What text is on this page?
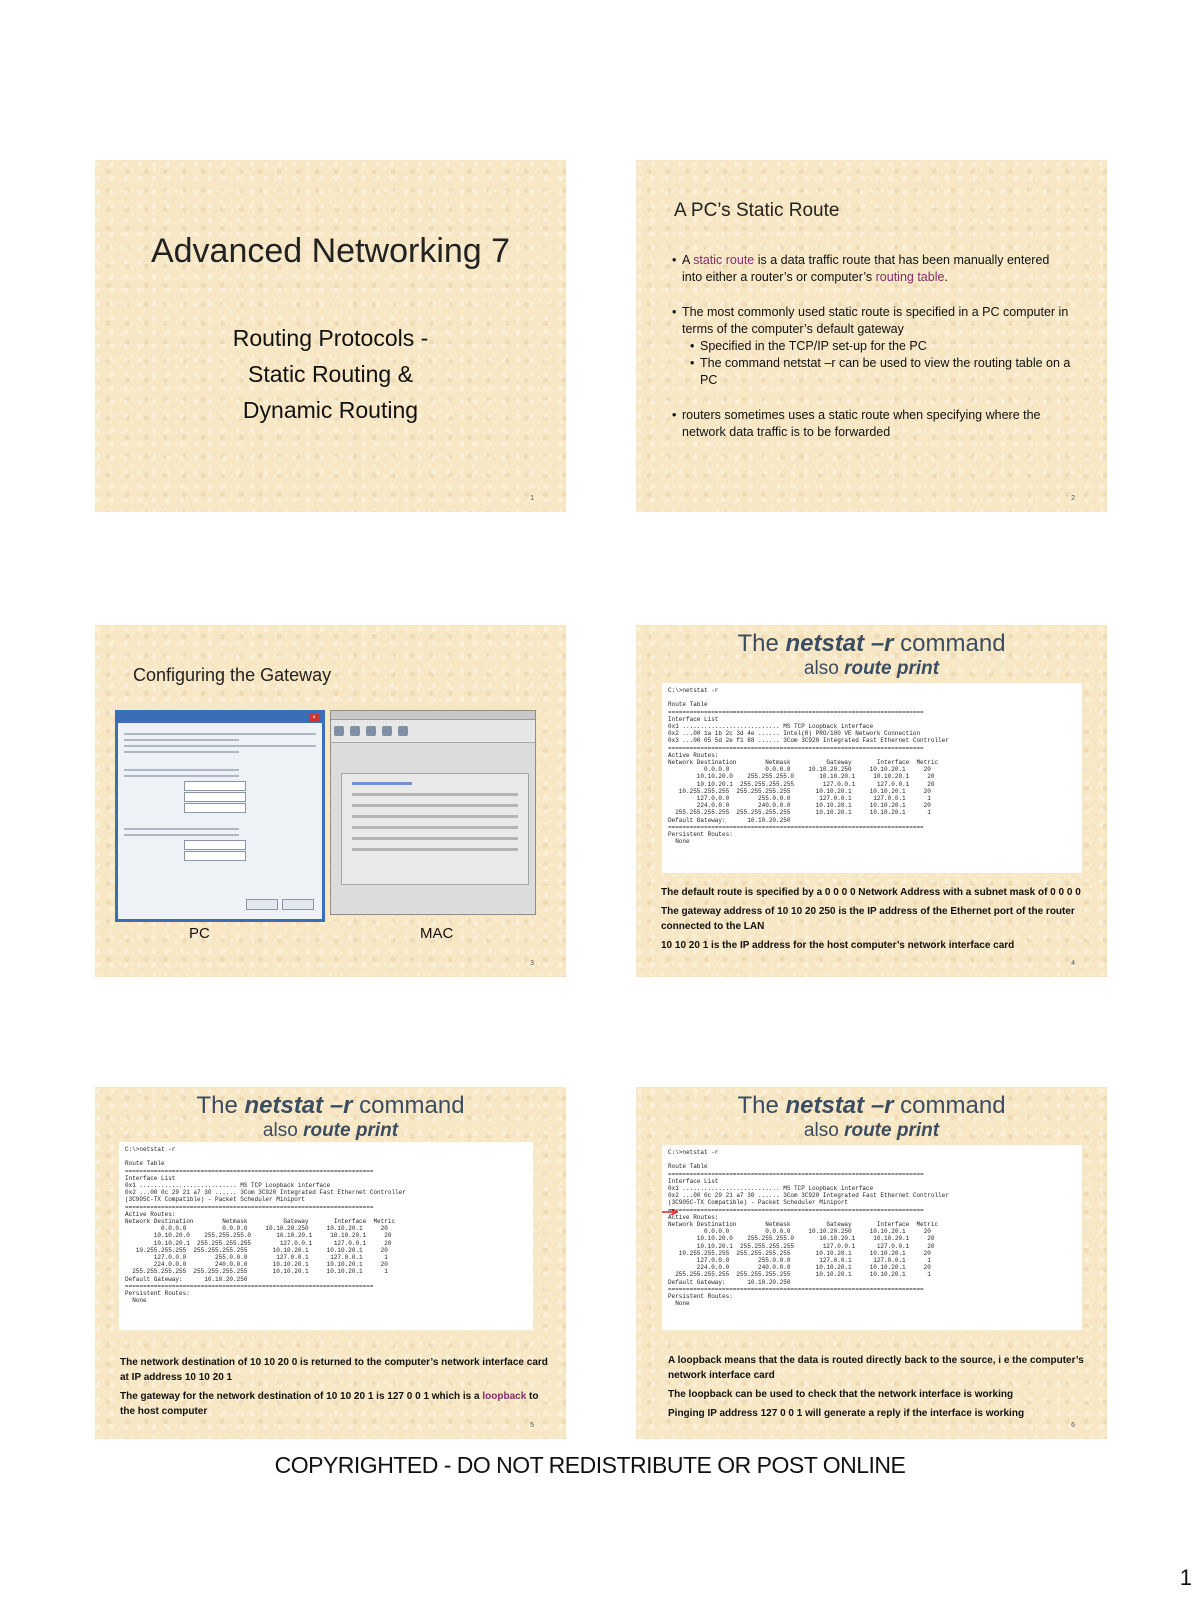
Advanced Networking 7
Routing Protocols -
Static Routing &
Dynamic Routing
1
A PC’s Static Route
• A static route is a data traffic route that has been manually entered into either a router’s or computer’s routing table.
• The most commonly used static route is specified in a PC computer in terms of the computer’s default gateway
• Specified in the TCP/IP set-up for the PC
• The command netstat –r can be used to view the routing table on a PC
• routers sometimes uses a static route when specifying where the network data traffic is to be forwarded
2
Configuring the Gateway
×

PC	MAC
3
The netstat –r command
also route print
C:\>netstat -r

Route Table
=======================================================================
Interface List
0x1 ........................... MS TCP Loopback interface
0x2 ...00 1a 1b 2c 3d 4e ...... Intel(R) PRO/100 VE Network Connection
0x3 ...00 05 5d 2e f1 88 ...... 3Com 3C920 Integrated Fast Ethernet Controller
=======================================================================
Active Routes:
Network Destination        Netmask          Gateway       Interface  Metric
0.0.0.0          0.0.0.0     10.10.20.250     10.10.20.1     20
10.10.20.0    255.255.255.0       10.10.20.1     10.10.20.1     20
10.10.20.1  255.255.255.255        127.0.0.1      127.0.0.1     20
10.255.255.255  255.255.255.255       10.10.20.1     10.10.20.1     20
127.0.0.0        255.0.0.0        127.0.0.1      127.0.0.1      1
224.0.0.0        240.0.0.0       10.10.20.1     10.10.20.1     20
255.255.255.255  255.255.255.255       10.10.20.1     10.10.20.1      1
Default Gateway:      10.10.20.250
=======================================================================
Persistent Routes:
None

The default route is specified by a 0 0 0 0 Network Address with a subnet mask of 0 0 0 0

The gateway address of 10 10 20 250 is the IP address of the Ethernet port of the router connected to the LAN

10 10 20 1 is the IP address for the host computer’s network interface card

4
The netstat –r command
also route print
C:\>netstat -r

Route Table
=====================================================================
Interface List
0x1 ........................... MS TCP Loopback interface
0x2 ...00 0c 29 21 a7 30 ...... 3Com 3C920 Integrated Fast Ethernet Controller
(3C905C-TX Compatible) - Packet Scheduler Miniport
=====================================================================
Active Routes:
Network Destination        Netmask          Gateway       Interface  Metric
0.0.0.0          0.0.0.0     10.10.20.250     10.10.20.1     20
10.10.20.0    255.255.255.0       10.10.20.1     10.10.20.1     20
10.10.20.1  255.255.255.255        127.0.0.1      127.0.0.1     20
10.255.255.255  255.255.255.255       10.10.20.1     10.10.20.1     20
127.0.0.0        255.0.0.0        127.0.0.1      127.0.0.1      1
224.0.0.0        240.0.0.0       10.10.20.1     10.10.20.1     20
255.255.255.255  255.255.255.255       10.10.20.1     10.10.20.1      1
Default Gateway:      10.10.20.250
=====================================================================
Persistent Routes:
None

The network destination of 10 10 20 0 is returned to the computer’s network interface card at IP address 10 10 20 1

The gateway for the network destination of 10 10 20 1 is 127 0 0 1 which is a loopback to the host computer

5
The netstat –r command
also route print
C:\>netstat -r

Route Table
=======================================================================
Interface List
0x1 ........................... MS TCP Loopback interface
0x2 ...00 0c 29 21 a7 30 ...... 3Com 3C920 Integrated Fast Ethernet Controller
(3C905C-TX Compatible) - Packet Scheduler Miniport
=======================================================================
Active Routes:
Network Destination        Netmask          Gateway       Interface  Metric
0.0.0.0          0.0.0.0     10.10.20.250     10.10.20.1     20
10.10.20.0    255.255.255.0       10.10.20.1     10.10.20.1     20
10.10.20.1  255.255.255.255        127.0.0.1      127.0.0.1     20
10.255.255.255  255.255.255.255       10.10.20.1     10.10.20.1     20
127.0.0.0        255.0.0.0        127.0.0.1      127.0.0.1      1
224.0.0.0        240.0.0.0       10.10.20.1     10.10.20.1     20
255.255.255.255  255.255.255.255       10.10.20.1     10.10.20.1      1
Default Gateway:      10.10.20.250
=======================================================================
Persistent Routes:
None

A loopback means that the data is routed directly back to the source, i e the computer’s network interface card

The loopback can be used to check that the network interface is working

Pinging IP address 127 0 0 1 will generate a reply if the interface is working

6
COPYRIGHTED - DO NOT REDISTRIBUTE OR POST ONLINE
1
